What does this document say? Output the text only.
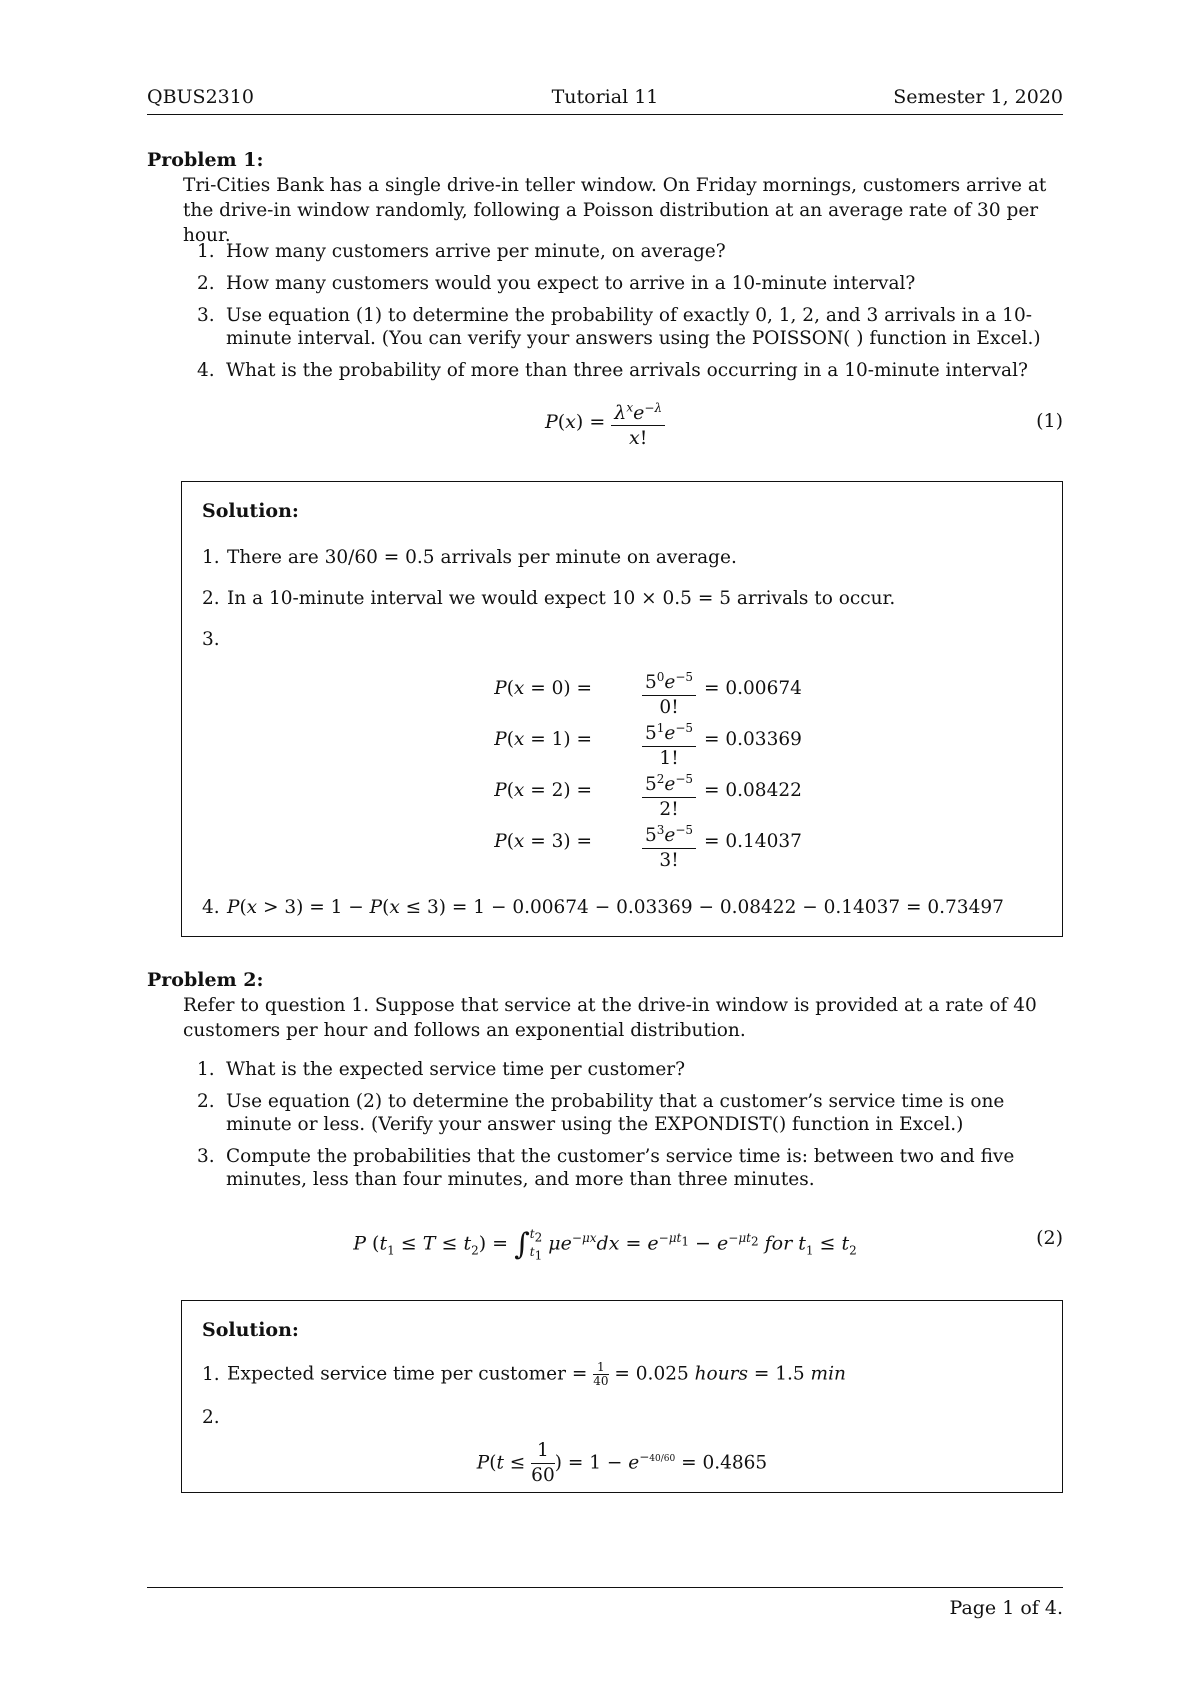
QBUS2310	Tutorial 11	Semester 1, 2020
Problem 1:
Tri-Cities Bank has a single drive-in teller window. On Friday mornings, customers arrive at the drive-in window randomly, following a Poisson distribution at an average rate of 30 per hour.
1. How many customers arrive per minute, on average?
2. How many customers would you expect to arrive in a 10-minute interval?
3. Use equation (1) to determine the probability of exactly 0, 1, 2, and 3 arrivals in a 10-minute interval. (You can verify your answers using the POISSON( ) function in Excel.)
4. What is the probability of more than three arrivals occurring in a 10-minute interval?
$P(x) = \frac{\lambda^xe^{-\lambda}}{x!}$	(1)
Solution:
1. There are 30/60 = 0.5 arrivals per minute on average.
2. In a 10-minute interval we would expect 10 × 0.5 = 5 arrivals to occur.
3.
P(x = 0) =	$\frac{5^0e^{-5}}{0!} = 0.00674$
P(x = 1) =	$\frac{5^1e^{-5}}{1!} = 0.03369$
P(x = 2) =	$\frac{5^2e^{-5}}{2!} = 0.08422$
P(x = 3) =	$\frac{5^3e^{-5}}{3!} = 0.14037$
4. P(x > 3) = 1 − P(x ≤ 3) = 1 − 0.00674 − 0.03369 − 0.08422 − 0.14037 = 0.73497
Problem 2:
Refer to question 1. Suppose that service at the drive-in window is provided at a rate of 40 customers per hour and follows an exponential distribution.
1. What is the expected service time per customer?
2. Use equation (2) to determine the probability that a customer’s service time is one minute or less. (Verify your answer using the EXPONDIST() function in Excel.)
3. Compute the probabilities that the customer’s service time is: between two and five minutes, less than four minutes, and more than three minutes.
P $(t_1 \le T \le t_2) = \int t_2$
$t_1$ $\mu e^{-\mu x}dx = e^{-\mu t_1} - e^{-\mu t_2}$ for $t_1 \le t_2$
(2)
Solution:
1. Expected service time per customer = $\frac{1}{40} = 0.025$ hours = 1.5 min
2.
$P(t \le \frac{1}{60}$ ) = $1 - e^{-40/60} = 0.4865$
Page 1 of 4.
